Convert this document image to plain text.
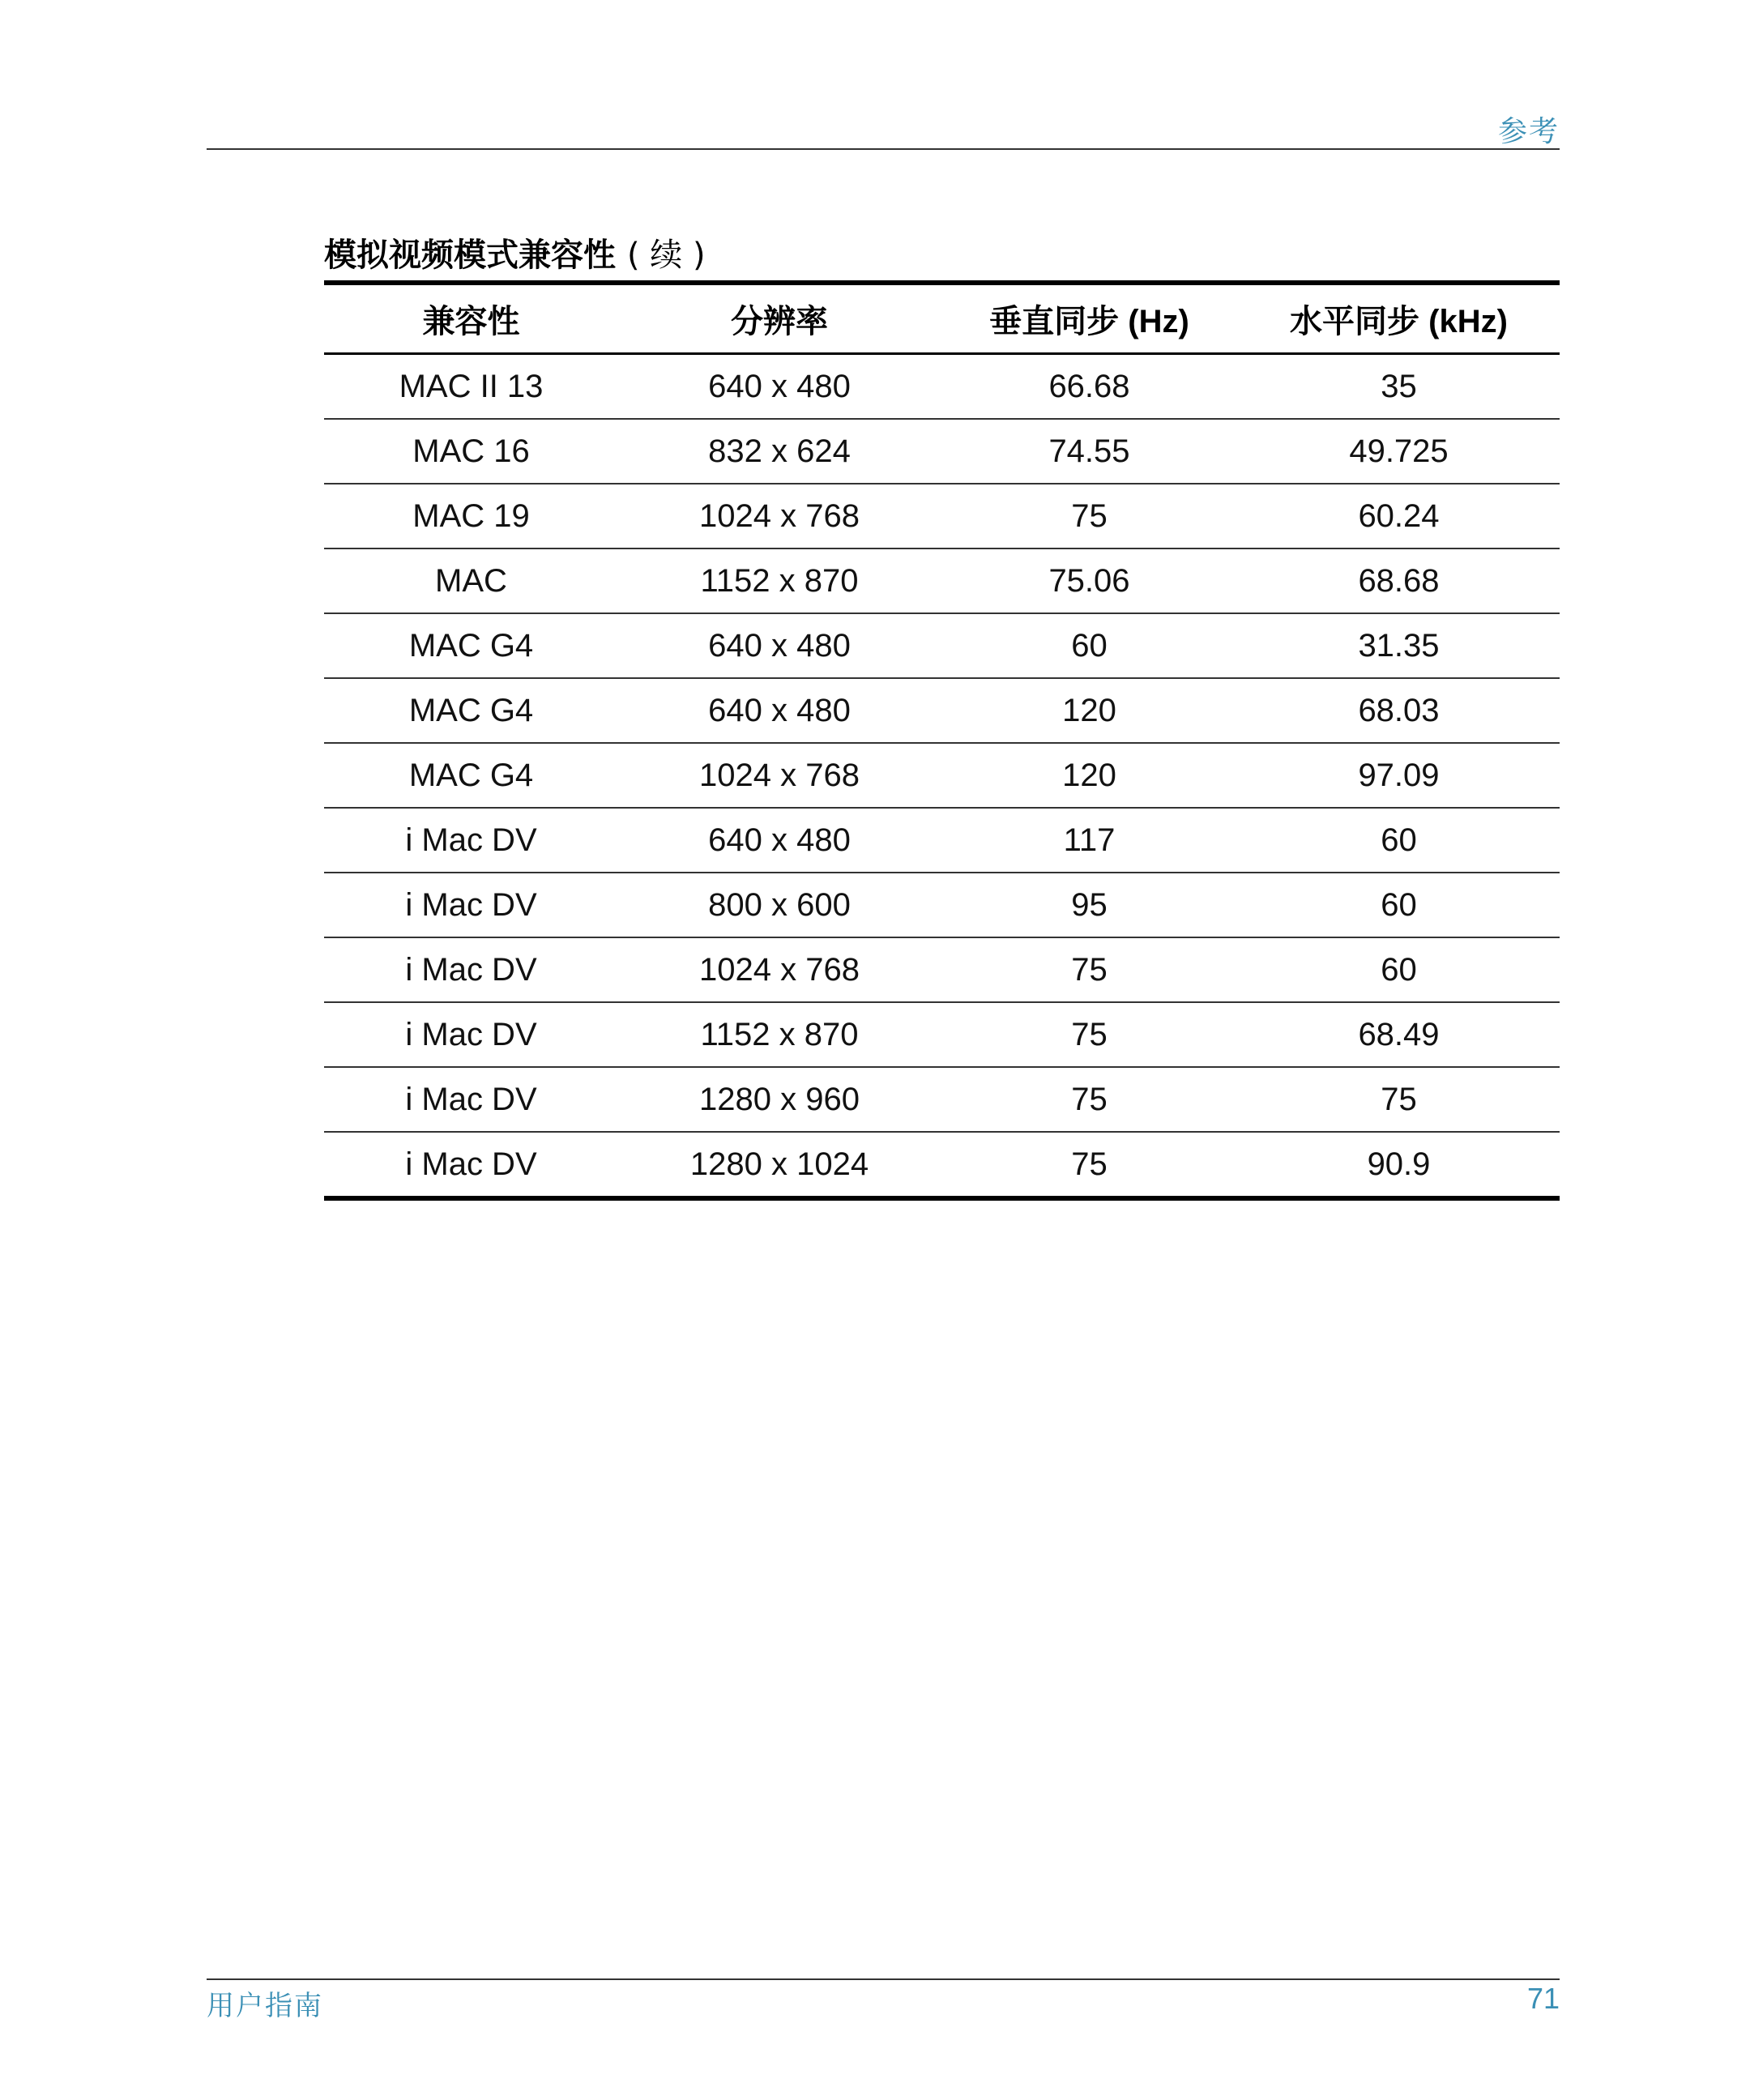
参考
模拟视频模式兼容性 ( 续 )
兼容性	分辨率	垂直同步 (Hz)	水平同步 (kHz)
MAC II 13	640 x 480	66.68	35
MAC 16	832 x 624	74.55	49.725
MAC 19	1024 x 768	75	60.24
MAC	1152 x 870	75.06	68.68
MAC G4	640 x 480	60	31.35
MAC G4	640 x 480	120	68.03
MAC G4	1024 x 768	120	97.09
i Mac DV	640 x 480	117	60
i Mac DV	800 x 600	95	60
i Mac DV	1024 x 768	75	60
i Mac DV	1152 x 870	75	68.49
i Mac DV	1280 x 960	75	75
i Mac DV	1280 x 1024	75	90.9
用户指南	71
